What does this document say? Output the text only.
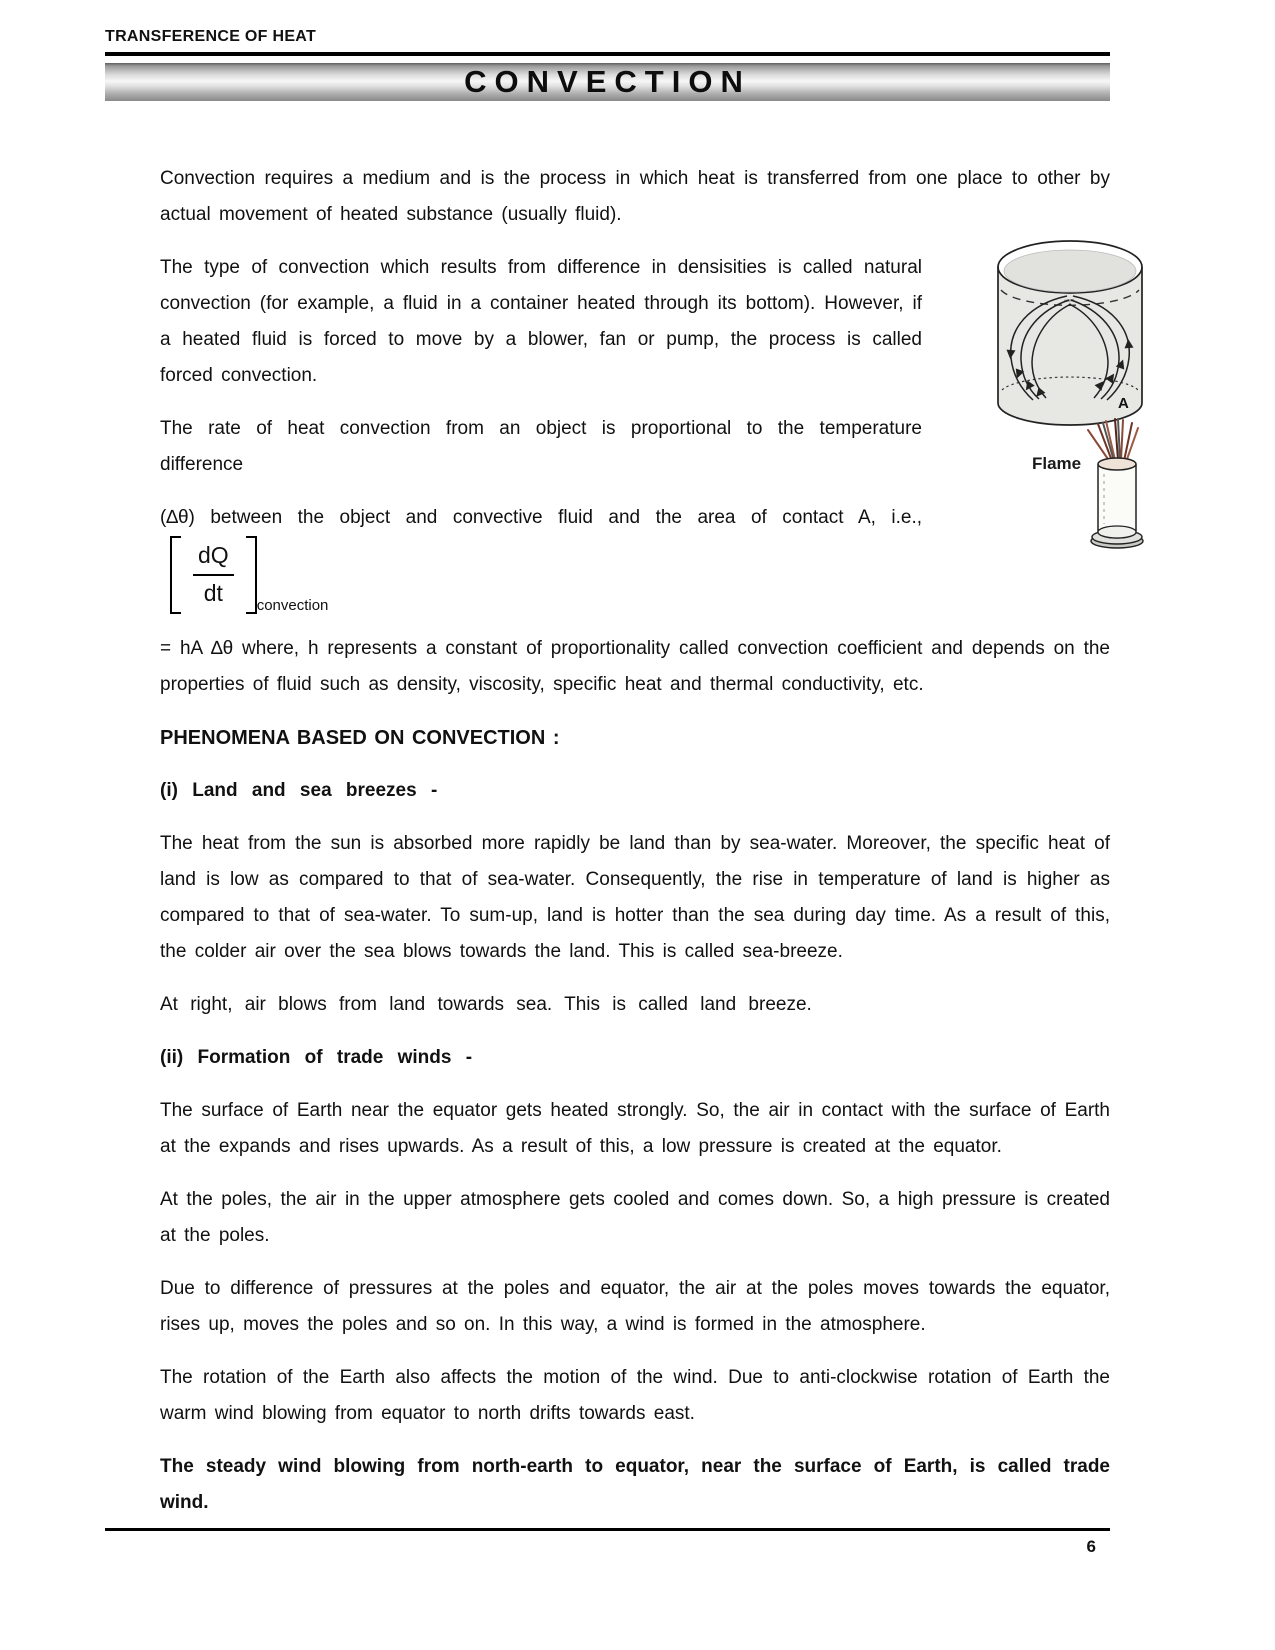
TRANSFERENCE OF HEAT
CONVECTION

Convection requires a medium and is the process in which heat is transferred from one place to other by actual movement of heated substance (usually fluid).

A
Flame

The type of convection which results from difference in densisities is called natural convection (for example, a fluid in a container heated through its bottom). However, if a heated fluid is forced to move by a blower, fan or pump, the process is called forced convection.

The rate of heat convection from an object is proportional to the temperature difference

(∆θ) between the object and convective fluid and the area of contact A, i.e.,
$\frac{dQ}{dt}$ convection

= hA ∆θ where, h represents a constant of proportionality called convection coefficient and depends on the properties of fluid such as density, viscosity, specific heat and thermal conductivity, etc.

PHENOMENA BASED ON CONVECTION :

(i) Land and sea breezes -

The heat from the sun is absorbed more rapidly be land than by sea-water. Moreover, the specific heat of land is low as compared to that of sea-water. Consequently, the rise in temperature of land is higher as compared to that of sea-water. To sum-up, land is hotter than the sea during day time. As a result of this, the colder air over the sea blows towards the land. This is called sea-breeze.

At right, air blows from land towards sea. This is called land breeze.

(ii) Formation of trade winds -

The surface of Earth near the equator gets heated strongly. So, the air in contact with the surface of Earth at the expands and rises upwards. As a result of this, a low pressure is created at the equator.

At the poles, the air in the upper atmosphere gets cooled and comes down. So, a high pressure is created at the poles.

Due to difference of pressures at the poles and equator, the air at the poles moves towards the equator, rises up, moves the poles and so on. In this way, a wind is formed in the atmosphere.

The rotation of the Earth also affects the motion of the wind. Due to anti-clockwise rotation of Earth the warm wind blowing from equator to north drifts towards east.

The steady wind blowing from north-earth to equator, near the surface of Earth, is called trade wind.

6
